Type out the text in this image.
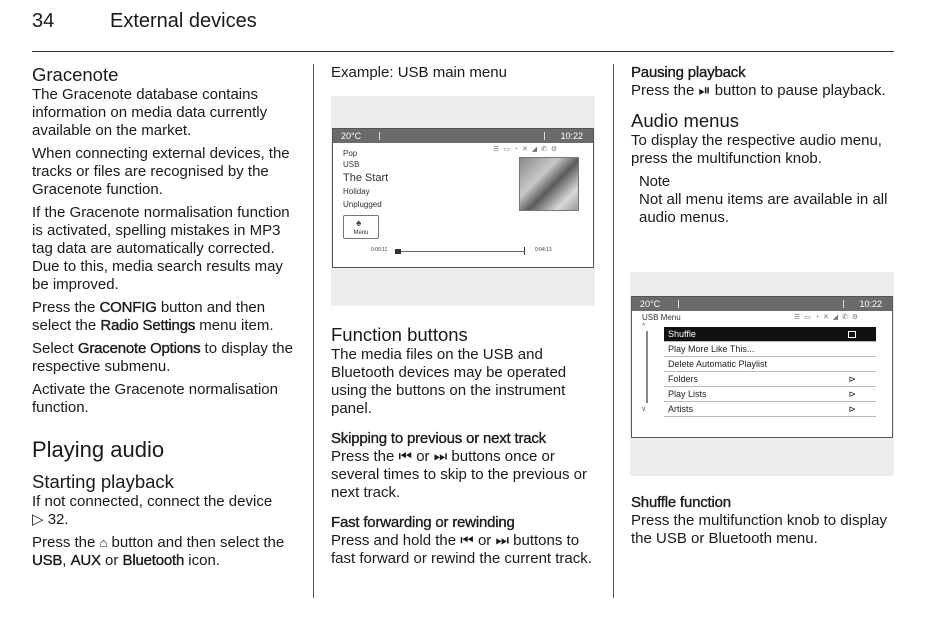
34	External devices
Gracenote

The Gracenote database contains information on media data currently available on the market.

When connecting external devices, the tracks or files are recognised by the Gracenote function.

If the Gracenote normalisation function is activated, spelling mistakes in MP3 tag data are automatically corrected. Due to this, media search results may be improved.

Press the CONFIG button and then select the Radio Settings menu item.

Select Gracenote Options to display the respective submenu.

Activate the Gracenote normalisation function.

Playing audio
Starting playback

If not connected, connect the device
▷ 32.

Press the ⌂ button and then select the USB, AUX or Bluetooth icon.

Example: USB main menu

20°C	10:22
☰ ▭ ◔ ✕ ◢ ✆ ⚙
Pop
USB
The Start
Holiday
Unplugged
♠
Menu
0:00:11	0:04:13
Function buttons

The media files on the USB and Bluetooth devices may be operated using the buttons on the instrument panel.

Skipping to previous or next track

Press the ⏮ or ⏭ buttons once or several times to skip to the previous or next track.

Fast forwarding or rewinding

Press and hold the ⏮ or ⏭ buttons to fast forward or rewind the current track.

Pausing playback

Press the ⏯ button to pause playback.

Audio menus

To display the respective audio menu, press the multifunction knob.

Note

Not all menu items are available in all audio menus.

20°C	10:22
USB Menu	☰ ▭ ◔ ✕ ◢ ✆ ⚙
^
v
Shuffle
Play More Like This...
Delete Automatic Playlist
Folders	⊳
Play Lists	⊳
Artists	⊳
Shuffle function

Press the multifunction knob to display the USB or Bluetooth menu.
